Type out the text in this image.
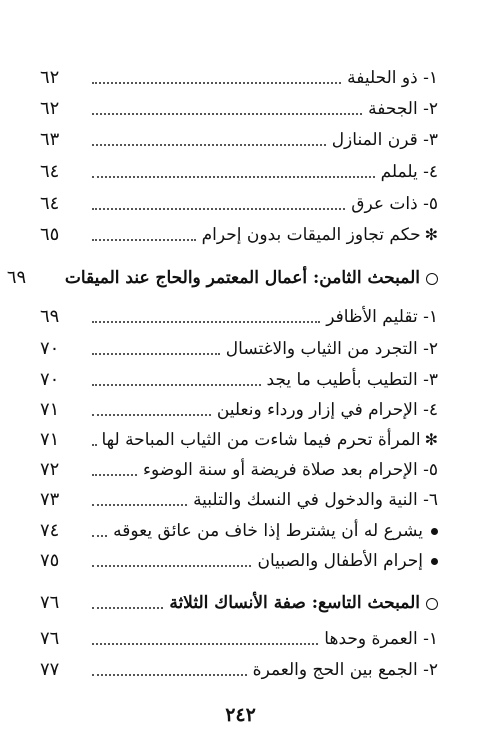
١- ذو الحليفة
٦٢
٢- الجحفة
٦٢
٣- قرن المنازل
٦٣
٤- يلملم
٦٤
٥- ذات عرق
٦٤
✻حكم تجاوز الميقات بدون إحرام
٦٥
المبحث الثامن: أعمال المعتمر والحاج عند الميقات
٦٩
١- تقليم الأظافر
٦٩
٢- التجرد من الثياب والاغتسال
٧٠
٣- التطيب بأطيب ما يجد
٧٠
٤- الإحرام في إزار ورداء ونعلين
٧١
✻المرأة تحرم فيما شاءت من الثياب المباحة لها
٧١
٥- الإحرام بعد صلاة فريضة أو سنة الوضوء
٧٢
٦- النية والدخول في النسك والتلبية
٧٣
يشرع له أن يشترط إذا خاف من عائق يعوقه
٧٤
إحرام الأطفال والصبيان
٧٥
المبحث التاسع: صفة الأنساك الثلاثة
٧٦
١- العمرة وحدها
٧٦
٢- الجمع بين الحج والعمرة
٧٧
٢٤٢
